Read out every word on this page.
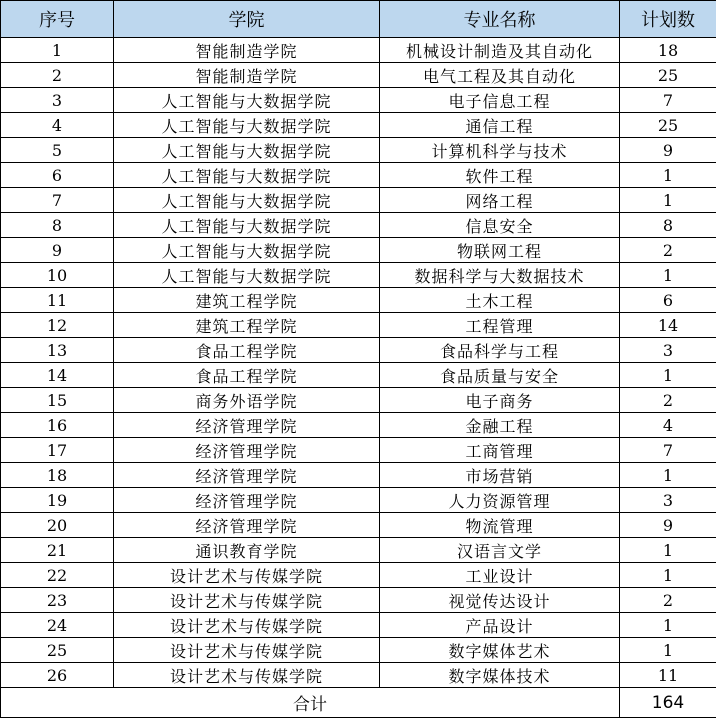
序号	学院	专业名称	计划数
1	智能制造学院	机械设计制造及其自动化	18
2	智能制造学院	电气工程及其自动化	25
3	人工智能与大数据学院	电子信息工程	7
4	人工智能与大数据学院	通信工程	25
5	人工智能与大数据学院	计算机科学与技术	9
6	人工智能与大数据学院	软件工程	1
7	人工智能与大数据学院	网络工程	1
8	人工智能与大数据学院	信息安全	8
9	人工智能与大数据学院	物联网工程	2
10	人工智能与大数据学院	数据科学与大数据技术	1
11	建筑工程学院	土木工程	6
12	建筑工程学院	工程管理	14
13	食品工程学院	食品科学与工程	3
14	食品工程学院	食品质量与安全	1
15	商务外语学院	电子商务	2
16	经济管理学院	金融工程	4
17	经济管理学院	工商管理	7
18	经济管理学院	市场营销	1
19	经济管理学院	人力资源管理	3
20	经济管理学院	物流管理	9
21	通识教育学院	汉语言文学	1
22	设计艺术与传媒学院	工业设计	1
23	设计艺术与传媒学院	视觉传达设计	2
24	设计艺术与传媒学院	产品设计	1
25	设计艺术与传媒学院	数字媒体艺术	1
26	设计艺术与传媒学院	数字媒体技术	11
合计			164
